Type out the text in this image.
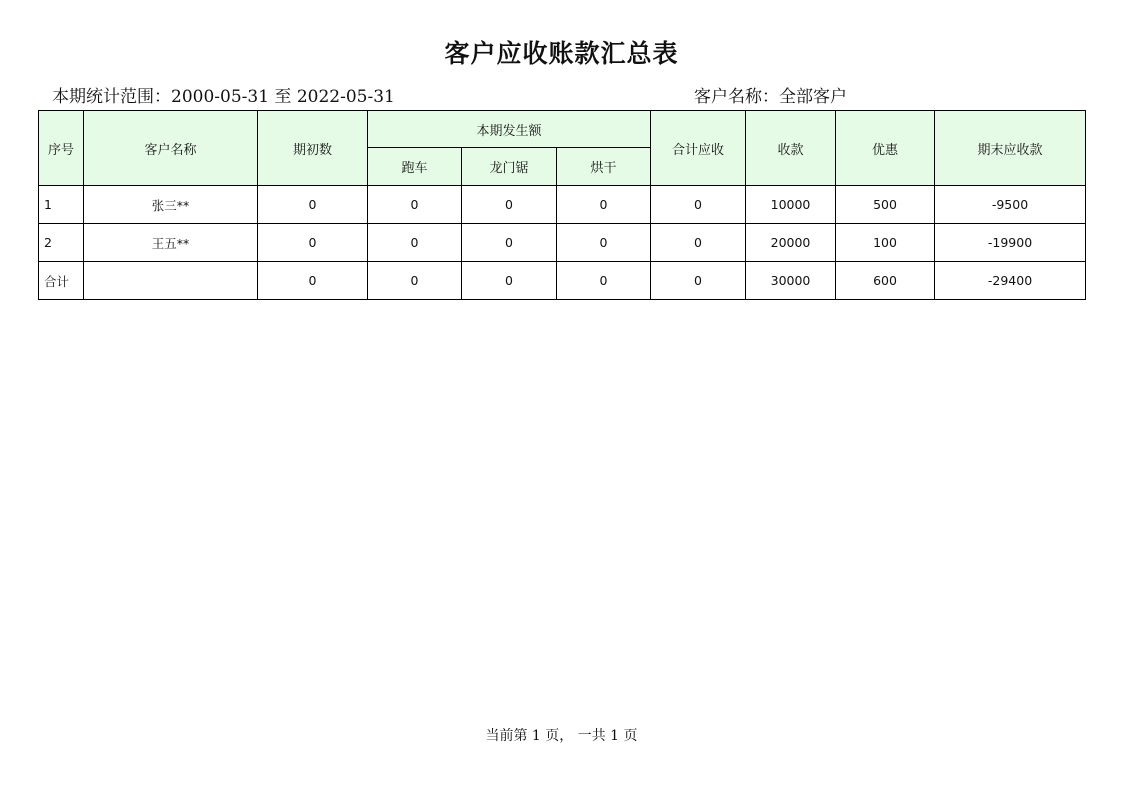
客户应收账款汇总表
本期统计范围：2000-05-31 至 2022-05-31	客户名称：全部客户
序号	客户名称	期初数	本期发生额			合计应收	收款	优惠	期末应收款
			跑车	龙门锯	烘干				
1	张三**	0	0	0	0	0	10000	500	-9500
2	王五**	0	0	0	0	0	20000	100	-19900
合计		0	0	0	0	0	30000	600	-29400
当前第 1 页， 一共 1 页
